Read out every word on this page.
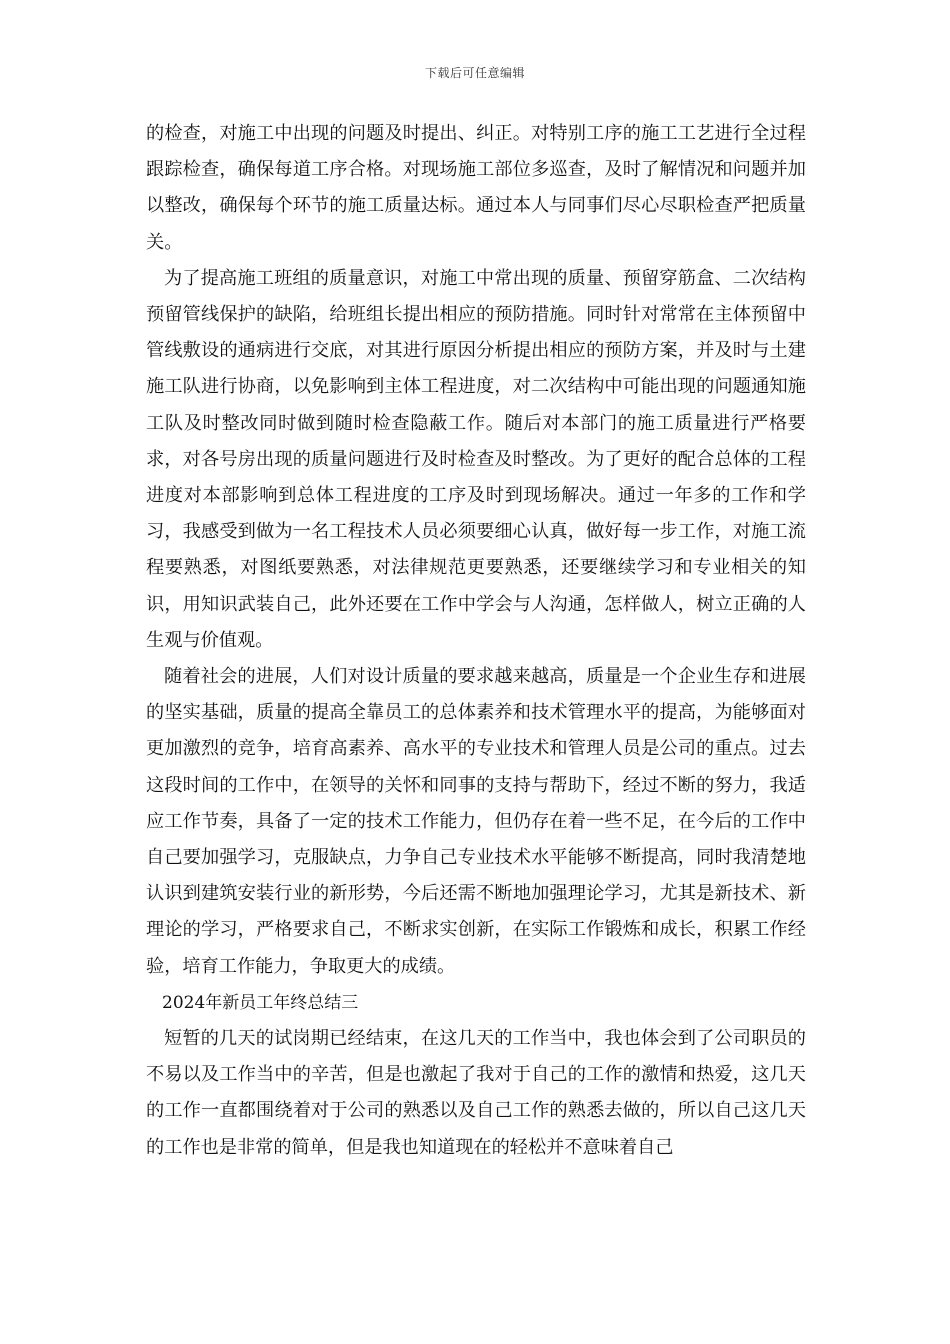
下载后可任意编辑

的检查，对施工中出现的问题及时提出、纠正。对特别工序的施工工艺进行全过程跟踪检查，确保每道工序合格。对现场施工部位多巡查，及时了解情况和问题并加以整改，确保每个环节的施工质量达标。通过本人与同事们尽心尽职检查严把质量关。

为了提高施工班组的质量意识，对施工中常出现的质量、预留穿筋盒、二次结构预留管线保护的缺陷，给班组长提出相应的预防措施。同时针对常常在主体预留中管线敷设的通病进行交底，对其进行原因分析提出相应的预防方案，并及时与土建施工队进行协商，以免影响到主体工程进度，对二次结构中可能出现的问题通知施工队及时整改同时做到随时检查隐蔽工作。随后对本部门的施工质量进行严格要求，对各号房出现的质量问题进行及时检查及时整改。为了更好的配合总体的工程进度对本部影响到总体工程进度的工序及时到现场解决。通过一年多的工作和学习，我感受到做为一名工程技术人员必须要细心认真，做好每一步工作，对施工流程要熟悉，对图纸要熟悉，对法律规范更要熟悉，还要继续学习和专业相关的知识，用知识武装自己，此外还要在工作中学会与人沟通，怎样做人，树立正确的人生观与价值观。

随着社会的进展，人们对设计质量的要求越来越高，质量是一个企业生存和进展的坚实基础，质量的提高全靠员工的总体素养和技术管理水平的提高，为能够面对更加激烈的竞争，培育高素养、高水平的专业技术和管理人员是公司的重点。过去这段时间的工作中，在领导的关怀和同事的支持与帮助下，经过不断的努力，我适应工作节奏，具备了一定的技术工作能力，但仍存在着一些不足，在今后的工作中自己要加强学习，克服缺点，力争自己专业技术水平能够不断提高，同时我清楚地认识到建筑安装行业的新形势，今后还需不断地加强理论学习，尤其是新技术、新理论的学习，严格要求自己，不断求实创新，在实际工作锻炼和成长，积累工作经验，培育工作能力，争取更大的成绩。

2024年新员工年终总结三

短暂的几天的试岗期已经结束，在这几天的工作当中，我也体会到了公司职员的不易以及工作当中的辛苦，但是也激起了我对于自己的工作的激情和热爱，这几天的工作一直都围绕着对于公司的熟悉以及自己工作的熟悉去做的，所以自己这几天的工作也是非常的简单，但是我也知道现在的轻松并不意味着自己
